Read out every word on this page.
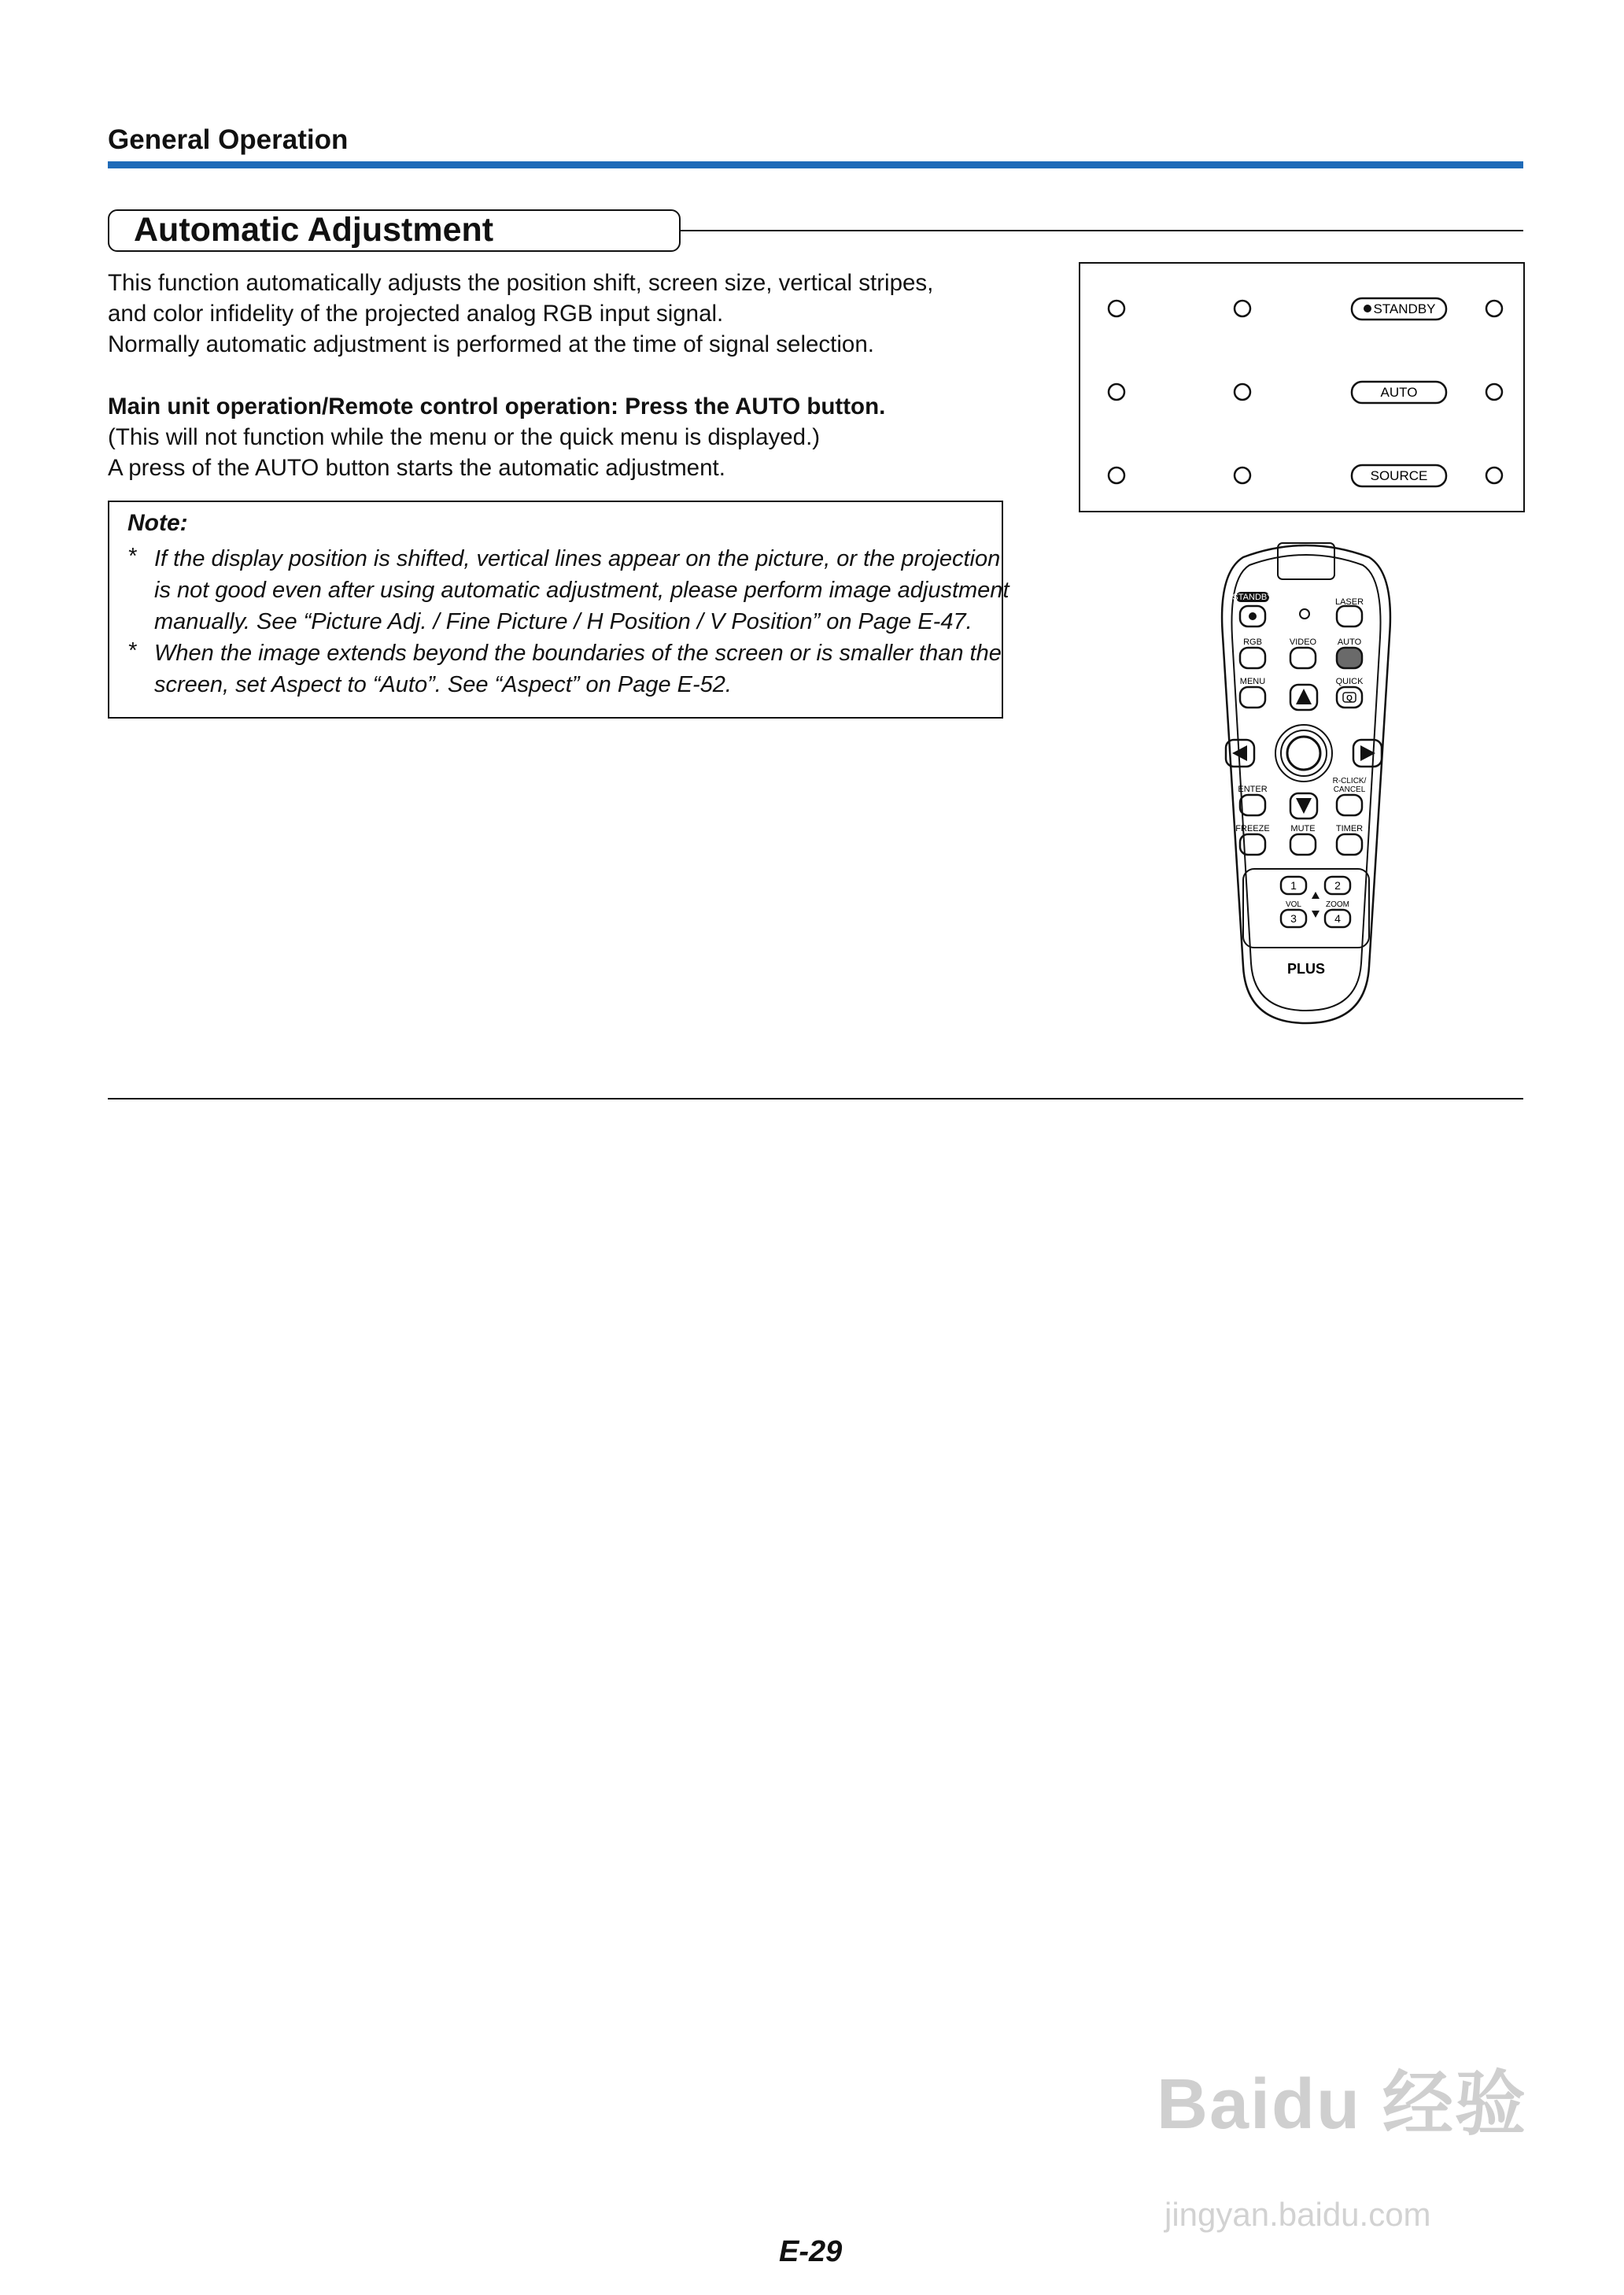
General Operation
Automatic Adjustment
This function automatically adjusts the position shift, screen size, vertical stripes,
and color infidelity of the projected analog RGB input signal.
Normally automatic adjustment is performed at the time of signal selection.
Main unit operation/Remote control operation: Press the AUTO button.
(This will not function while the menu or the quick menu is displayed.)
A press of the AUTO button starts the automatic adjustment.
Note:
* If the display position is shifted, vertical lines appear on the picture, or the projection
is not good even after using automatic adjustment, please perform image adjustment
manually. See “Picture Adj. / Fine Picture / H Position / V Position” on Page E-47.
* When the image extends beyond the boundaries of the screen or is smaller than the
screen, set Aspect to “Auto”. See “Aspect” on Page E-52.
STANDBY
AUTO
SOURCE
STANDBY	LASER
RGB	VIDEO AUTO
MENU	QUICK
Q
R-CLICK/
CANCEL
ENTER
FREEZE MUTE TIMER
1	2
VOL	ZOOM
3	4
PLUS
Baidu 经验
jingyan.baidu.com
E-29
